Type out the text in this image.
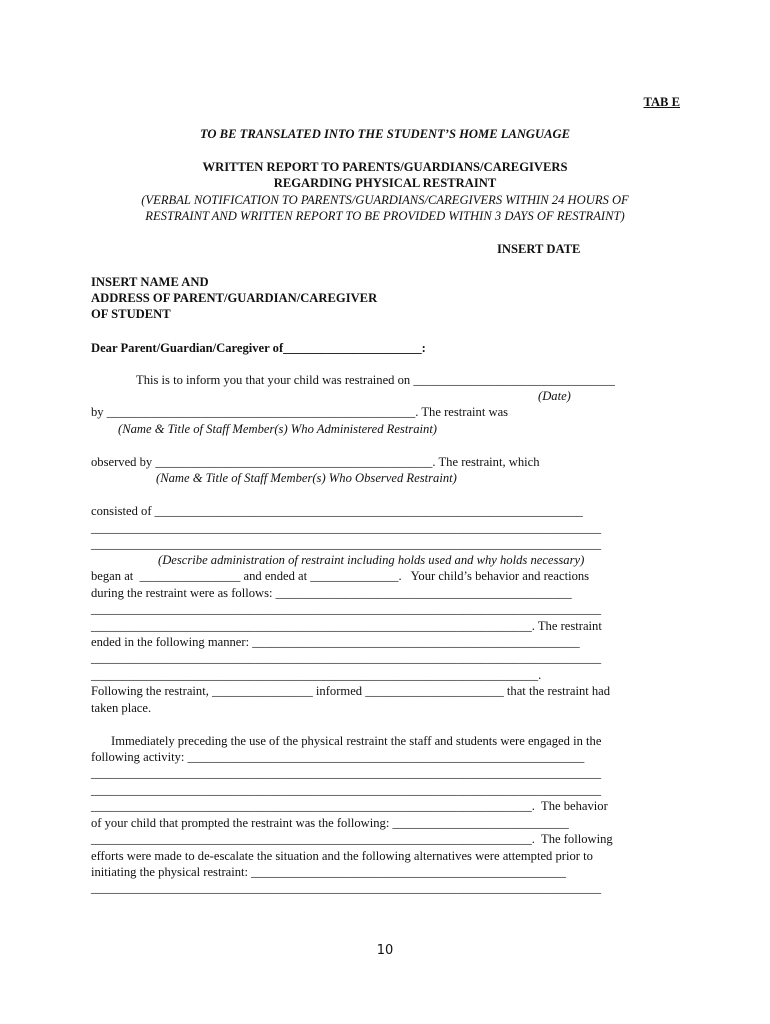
TAB E
TO BE TRANSLATED INTO THE STUDENT’S HOME LANGUAGE
WRITTEN REPORT TO PARENTS/GUARDIANS/CAREGIVERS
REGARDING PHYSICAL RESTRAINT
(VERBAL NOTIFICATION TO PARENTS/GUARDIANS/CAREGIVERS WITHIN 24 HOURS OF
RESTRAINT AND WRITTEN REPORT TO BE PROVIDED WITHIN 3 DAYS OF RESTRAINT)
INSERT DATE
INSERT NAME AND
ADDRESS OF PARENT/GUARDIAN/CAREGIVER
OF STUDENT
Dear Parent/Guardian/Caregiver of______________________:
This is to inform you that your child was restrained on ________________________________
(Date)
by _________________________________________________. The restraint was
(Name & Title of Staff Member(s) Who Administered Restraint)
observed by ____________________________________________. The restraint, which
(Name & Title of Staff Member(s) Who Observed Restraint)
consisted of ____________________________________________________________________
_________________________________________________________________________________
_________________________________________________________________________________
(Describe administration of restraint including holds used and why holds necessary)
began at  ________________ and ended at ______________.   Your child’s behavior and reactions
during the restraint were as follows: _______________________________________________
_________________________________________________________________________________
______________________________________________________________________. The restraint
ended in the following manner: ____________________________________________________
_________________________________________________________________________________
_______________________________________________________________________.
Following the restraint, ________________ informed ______________________ that the restraint had
taken place.
Immediately preceding the use of the physical restraint the staff and students were engaged in the
following activity: _______________________________________________________________
_________________________________________________________________________________
_________________________________________________________________________________
______________________________________________________________________.  The behavior
of your child that prompted the restraint was the following: ____________________________
______________________________________________________________________.  The following
efforts were made to de-escalate the situation and the following alternatives were attempted prior to
initiating the physical restraint: __________________________________________________
_________________________________________________________________________________
10
